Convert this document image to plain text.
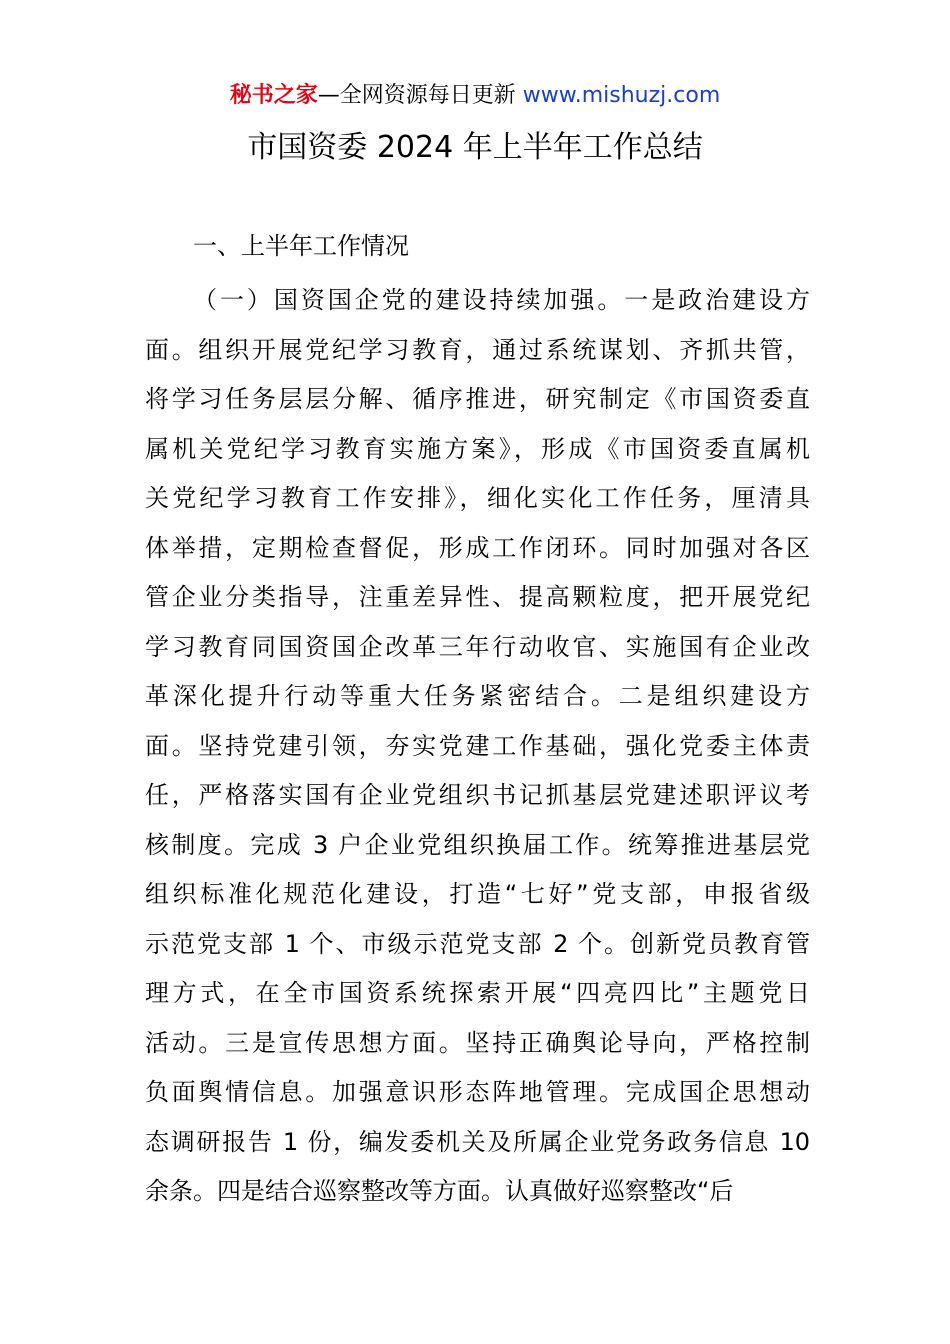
秘书之家—全网资源每日更新 www.mishuzj.com
市国资委 2024 年上半年工作总结
一、上半年工作情况
（一）国资国企党的建设持续加强。一是政治建设方
面。组织开展党纪学习教育，通过系统谋划、齐抓共管，
将学习任务层层分解、循序推进，研究制定《市国资委直
属机关党纪学习教育实施方案》，形成《市国资委直属机
关党纪学习教育工作安排》，细化实化工作任务，厘清具
体举措，定期检查督促，形成工作闭环。同时加强对各区
管企业分类指导，注重差异性、提高颗粒度，把开展党纪
学习教育同国资国企改革三年行动收官、实施国有企业改
革深化提升行动等重大任务紧密结合。二是组织建设方
面。坚持党建引领，夯实党建工作基础，强化党委主体责
任，严格落实国有企业党组织书记抓基层党建述职评议考
核制度。完成 3 户企业党组织换届工作。统筹推进基层党
组织标准化规范化建设，打造“七好”党支部，申报省级
示范党支部 1 个、市级示范党支部 2 个。创新党员教育管
理方式，在全市国资系统探索开展“四亮四比”主题党日
活动。三是宣传思想方面。坚持正确舆论导向，严格控制
负面舆情信息。加强意识形态阵地管理。完成国企思想动
态调研报告 1 份，编发委机关及所属企业党务政务信息 10
余条。四是结合巡察整改等方面。认真做好巡察整改“后
